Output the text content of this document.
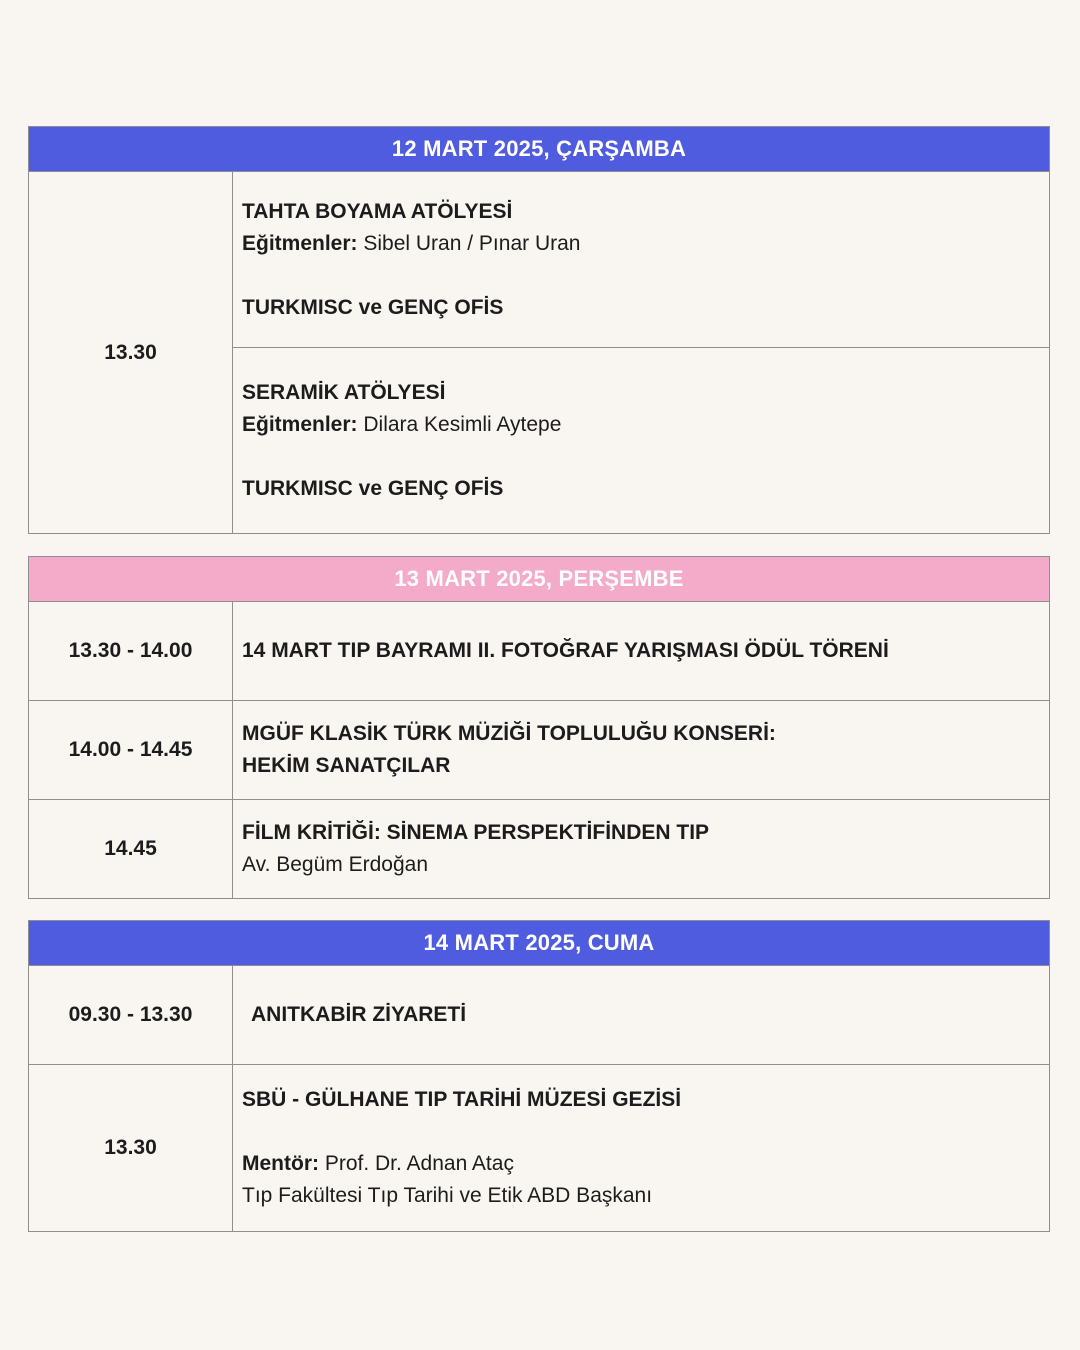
12 MART 2025, ÇARŞAMBA
13.30
TAHTA BOYAMA ATÖLYESİ
Eğitmenler: Sibel Uran / Pınar Uran
TURKMISC ve GENÇ OFİS
SERAMİK ATÖLYESİ
Eğitmenler: Dilara Kesimli Aytepe
TURKMISC ve GENÇ OFİS
13 MART 2025, PERŞEMBE
13.30 - 14.00	14 MART TIP BAYRAMI II. FOTOĞRAF YARIŞMASI ÖDÜL TÖRENİ
14.00 - 14.45
MGÜF KLASİK TÜRK MÜZİĞİ TOPLULUĞU KONSERİ:
HEKİM SANATÇILAR
14.45
FİLM KRİTİĞİ: SİNEMA PERSPEKTİFİNDEN TIP
Av. Begüm Erdoğan
14 MART 2025, CUMA
09.30 - 13.30	ANITKABİR ZİYARETİ
13.30
SBÜ - GÜLHANE TIP TARİHİ MÜZESİ GEZİSİ
Mentör: Prof. Dr. Adnan Ataç
Tıp Fakültesi Tıp Tarihi ve Etik ABD Başkanı
